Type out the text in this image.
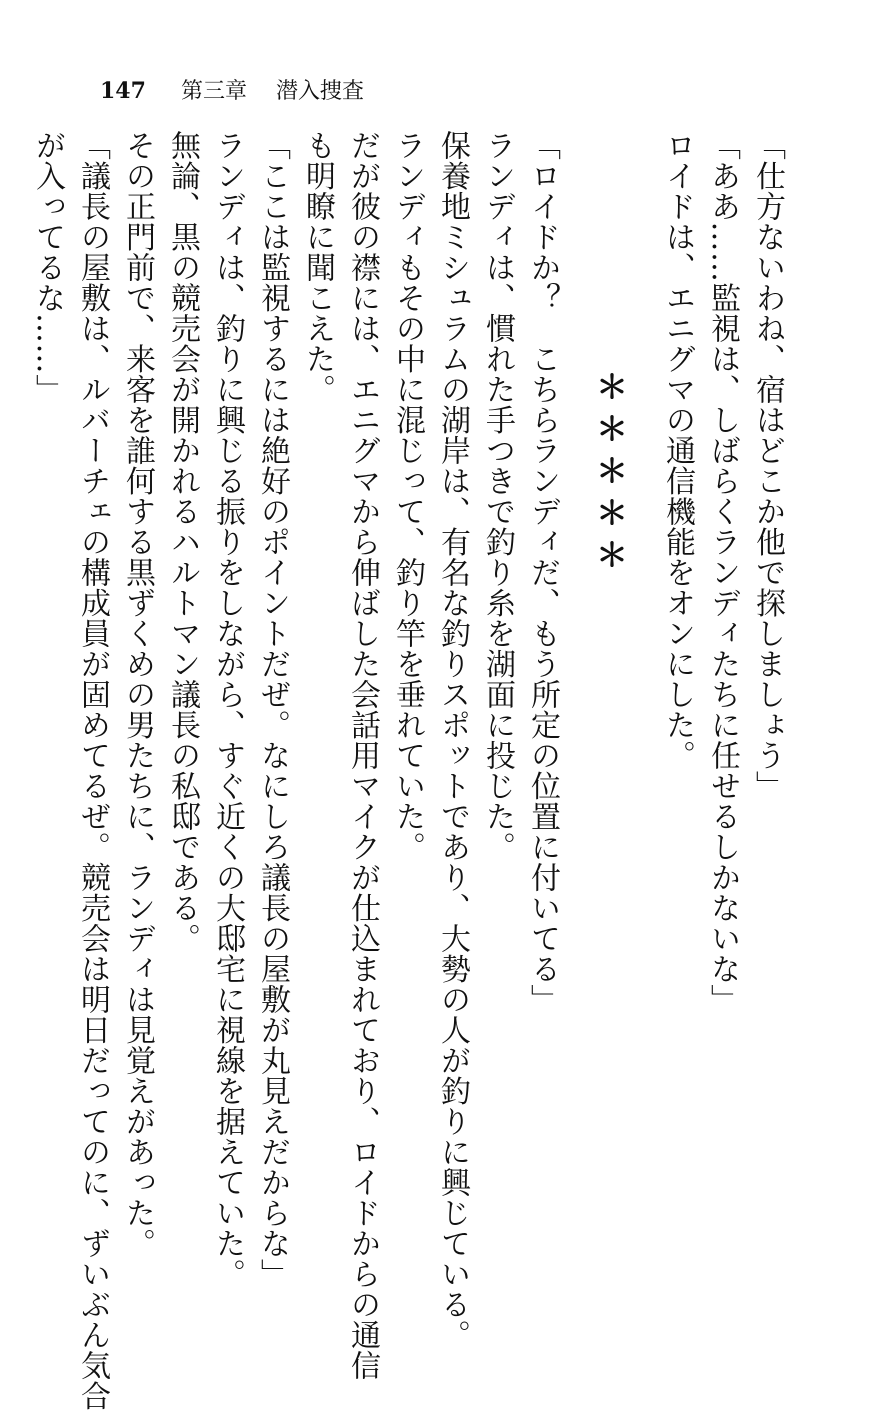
147 第三章 潜入捜査
「仕方ないわね、宿はどこか他で探しましょう」
「ああ……監視は、しばらくランディたちに任せるしかないな」
ロイドは、エニグマの通信機能をオンにした。
＊＊＊＊＊
「ロイドか？　こちらランディだ、もう所定の位置に付いてる」
ランディは、慣れた手つきで釣り糸を湖面に投じた。
保養地ミシュラムの湖岸は、有名な釣りスポットであり、大勢の人が釣りに興じている。
ランディもその中に混じって、釣り竿を垂れていた。
だが彼の襟には、エニグマから伸ばした会話用マイクが仕込まれており、ロイドからの通信
も明瞭に聞こえた。
「ここは監視するには絶好のポイントだぜ。なにしろ議長の屋敷が丸見えだからな」
ランディは、釣りに興じる振りをしながら、すぐ近くの大邸宅に視線を据えていた。
無論、黒の競売会が開かれるハルトマン議長の私邸である。
その正門前で、来客を誰何する黒ずくめの男たちに、ランディは見覚えがあった。
「議長の屋敷は、ルバーチェの構成員が固めてるぜ。競売会は明日だってのに、ずいぶん気合
が入ってるな……」
